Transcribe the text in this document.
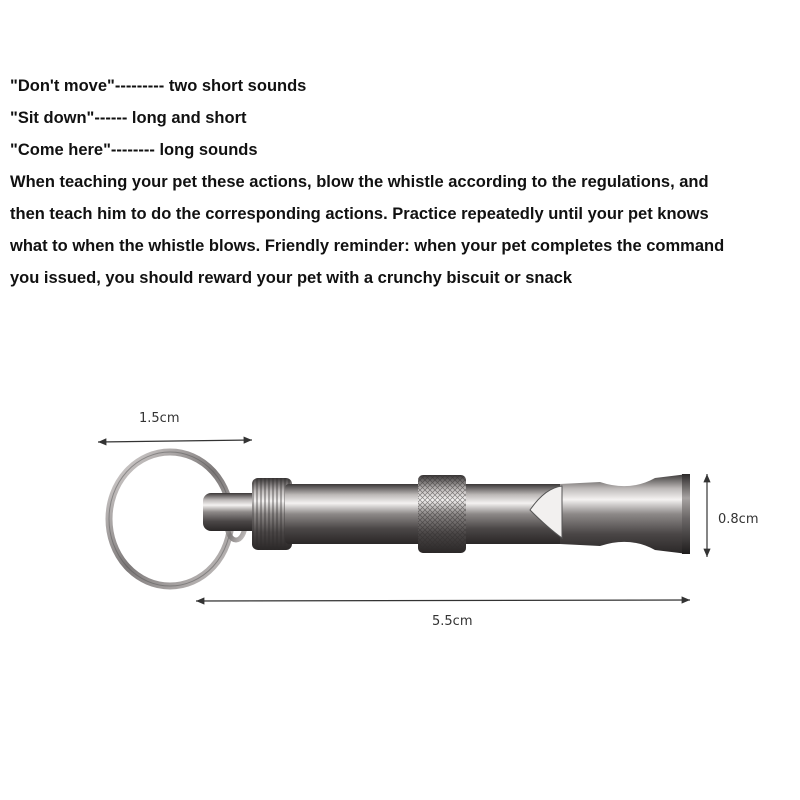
"Don't move"--------- two short sounds
"Sit down"------ long and short
"Come here"-------- long sounds
When teaching your pet these actions, blow the whistle according to the regulations, and
then teach him to do the corresponding actions. Practice repeatedly until your pet knows
what to when the whistle blows. Friendly reminder: when your pet completes the command
you issued, you should reward your pet with a crunchy biscuit or snack
1.5cm
5.5cm
0.8cm
